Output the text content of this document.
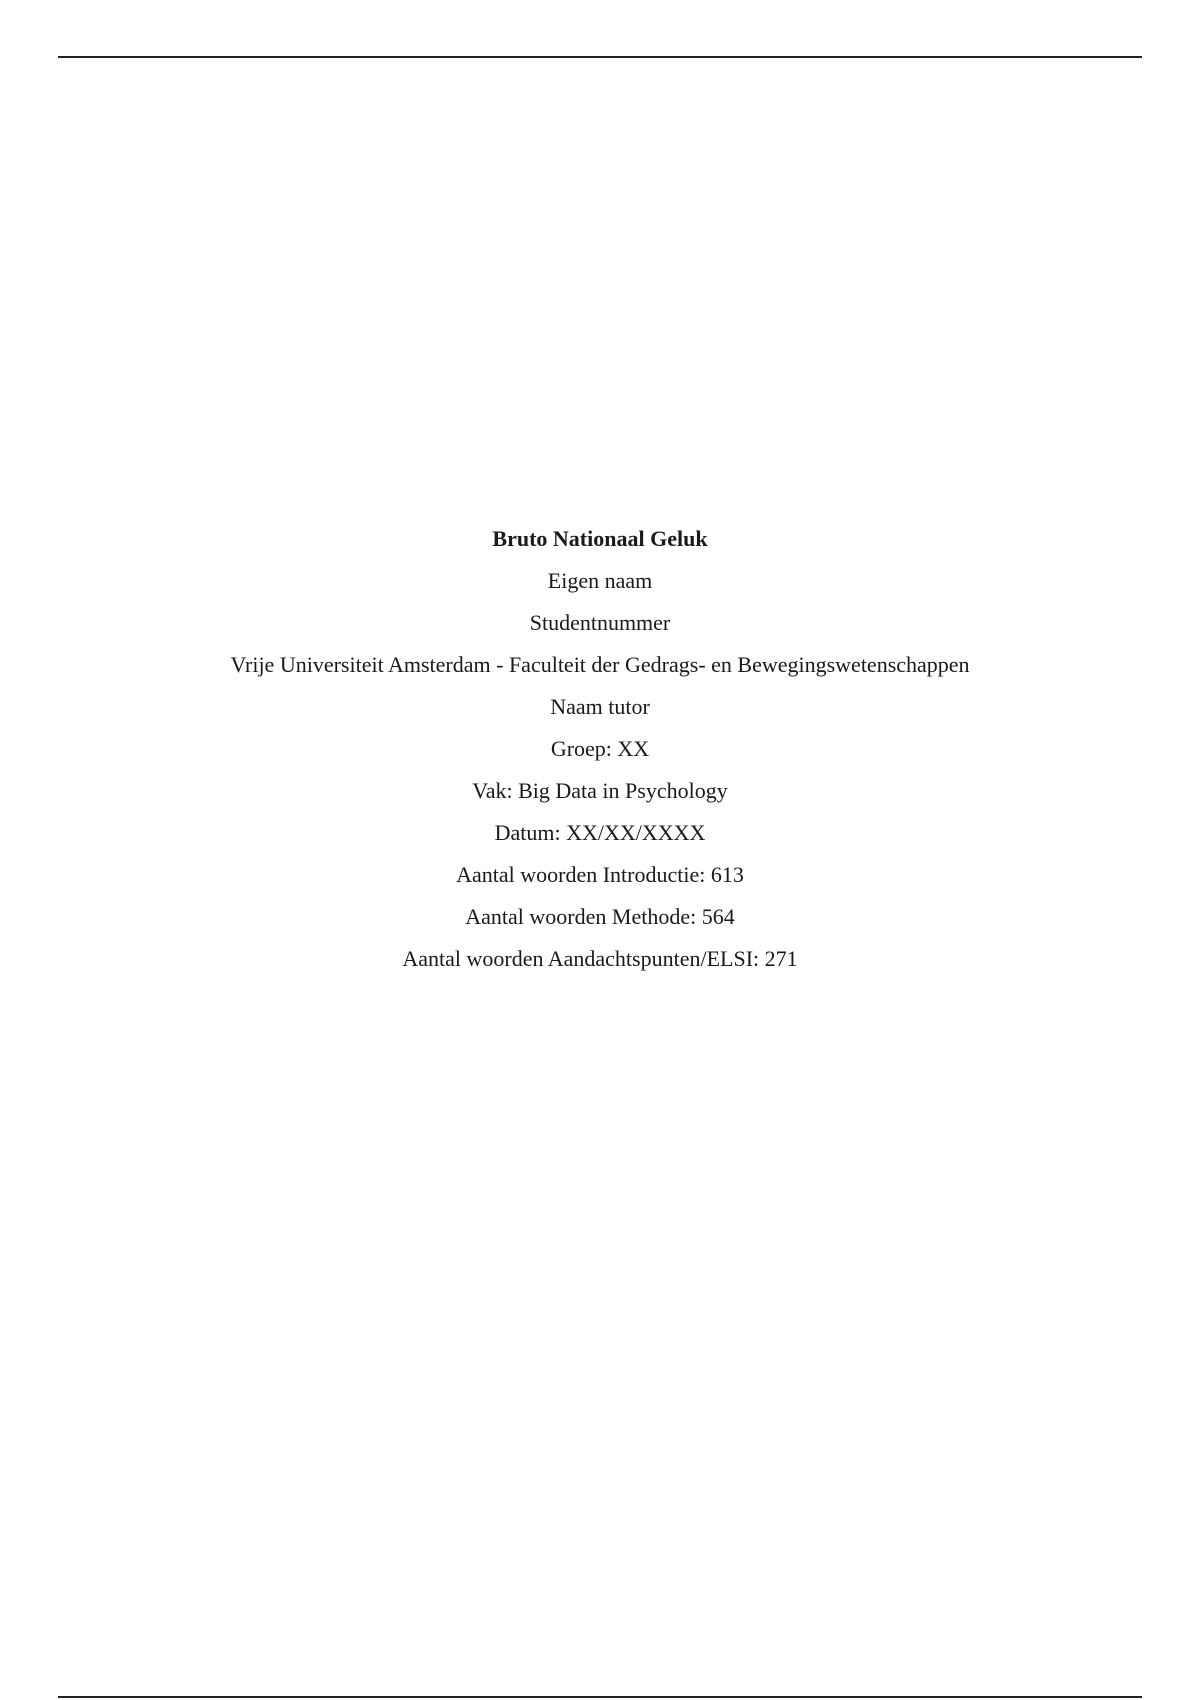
Bruto Nationaal Geluk
Eigen naam
Studentnummer
Vrije Universiteit Amsterdam - Faculteit der Gedrags- en Bewegingswetenschappen
Naam tutor
Groep: XX
Vak: Big Data in Psychology
Datum: XX/XX/XXXX
Aantal woorden Introductie: 613
Aantal woorden Methode: 564
Aantal woorden Aandachtspunten/ELSI: 271
